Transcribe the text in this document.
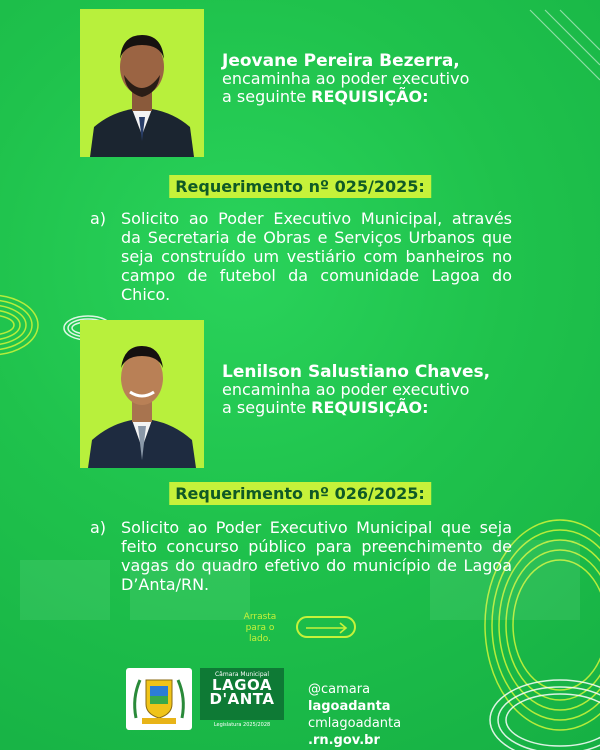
Jeovane Pereira Bezerra,
encaminha ao poder executivo
a seguinte REQUISIÇÃO:
Requerimento nº 025/2025:
a) Solicito ao Poder Executivo Municipal, através da Secretaria de Obras e Serviços Urbanos que seja construído um vestiário com banheiros no campo de futebol da comunidade Lagoa do Chico.
Lenilson Salustiano Chaves,
encaminha ao poder executivo
a seguinte REQUISIÇÃO:
Requerimento nº 026/2025:
a) Solicito ao Poder Executivo Municipal que seja feito concurso público para preenchimento de vagas do quadro efetivo do município de Lagoa D’Anta/RN.
Arrasta para o lado.
Câmara Municipal
LAGOA
D'ANTA
Legislatura 2025/2028
@camara
lagoadanta
cmlagoadanta
.rn.gov.br
